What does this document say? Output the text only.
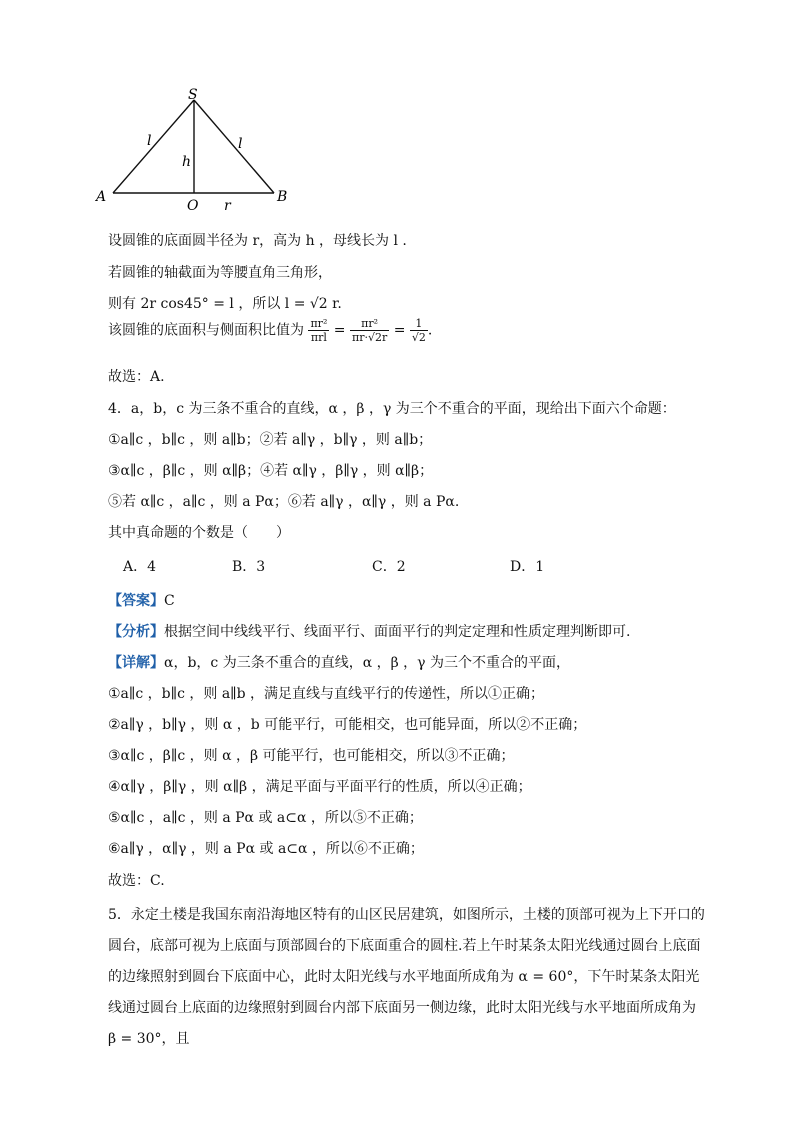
S
A	B
O
l	l
h
r
设圆锥的底面圆半径为 r，高为 h ，母线长为 l .
若圆锥的轴截面为等腰直角三角形，
则有 2r cos45° = l ，所以 l = √2 r.
该圆锥的底面积与侧面积比值为 $\frac{\text{πr²}}{\text{πrl}} = \frac{\text{πr²}}{\pi r\cdot√2r} = \frac{1}{√2}$ .
故选：A.
4．a，b，c 为三条不重合的直线，α ，β ，γ 为三个不重合的平面，现给出下面六个命题：
①a∥c ，b∥c ，则 a∥b；②若 a∥γ ，b∥γ ，则 a∥b；
③α∥c ，β∥c ，则 α∥β；④若 α∥γ ，β∥γ ，则 α∥β；
⑤若 α∥c ，a∥c ，则 a Pα；⑥若 a∥γ ，α∥γ ，则 a Pα.
其中真命题的个数是（　　）
A．4	B．3	C．2	D．1
【答案】C
【分析】根据空间中线线平行、线面平行、面面平行的判定定理和性质定理判断即可.
【详解】α，b，c 为三条不重合的直线，α ，β ，γ 为三个不重合的平面，
①a∥c ，b∥c ，则 a∥b ，满足直线与直线平行的传递性，所以①正确；
②a∥γ ，b∥γ ，则 α ，b 可能平行，可能相交，也可能异面，所以②不正确；
③α∥c ，β∥c ，则 α ，β 可能平行，也可能相交，所以③不正确；
④α∥γ ，β∥γ ，则 α∥β ，满足平面与平面平行的性质，所以④正确；
⑤α∥c ，a∥c ，则 a Pα 或 a⊂α ，所以⑤不正确；
⑥a∥γ ，α∥γ ，则 a Pα 或 a⊂α ，所以⑥不正确；
故选：C.
5．永定土楼是我国东南沿海地区特有的山区民居建筑，如图所示，土楼的顶部可视为上下开口的圆台，底部可视为上底面与顶部圆台的下底面重合的圆柱.若上午时某条太阳光线通过圆台上底面的边缘照射到圆台下底面中心，此时太阳光线与水平地面所成角为 α = 60°，下午时某条太阳光线通过圆台上底面的边缘照射到圆台内部下底面另一侧边缘，此时太阳光线与水平地面所成角为 β = 30°，且
